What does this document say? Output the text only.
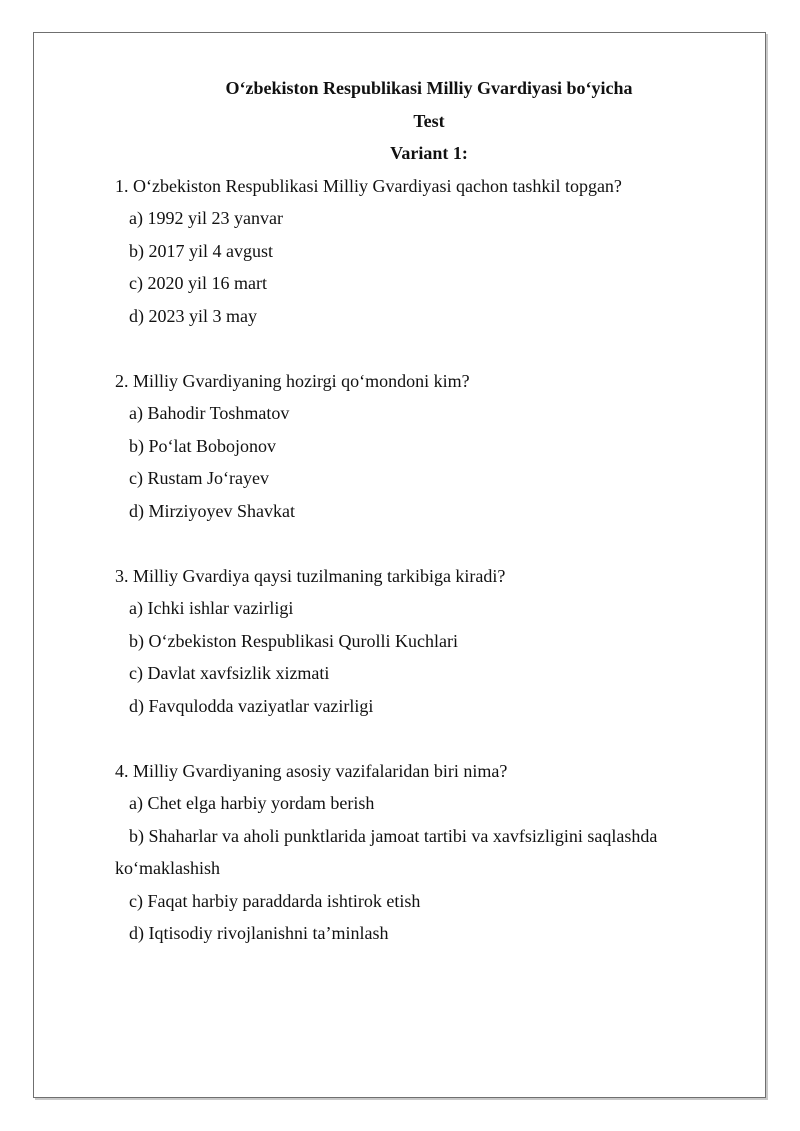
O‘zbekiston Respublikasi Milliy Gvardiyasi bo‘yicha
Test
Variant 1:
1. O‘zbekiston Respublikasi Milliy Gvardiyasi qachon tashkil topgan?
a) 1992 yil 23 yanvar
b) 2017 yil 4 avgust
c) 2020 yil 16 mart
d) 2023 yil 3 may
2. Milliy Gvardiyaning hozirgi qo‘mondoni kim?
a) Bahodir Toshmatov
b) Po‘lat Bobojonov
c) Rustam Jo‘rayev
d) Mirziyoyev Shavkat
3. Milliy Gvardiya qaysi tuzilmaning tarkibiga kiradi?
a) Ichki ishlar vazirligi
b) O‘zbekiston Respublikasi Qurolli Kuchlari
c) Davlat xavfsizlik xizmati
d) Favqulodda vaziyatlar vazirligi
4. Milliy Gvardiyaning asosiy vazifalaridan biri nima?
a) Chet elga harbiy yordam berish
b) Shaharlar va aholi punktlarida jamoat tartibi va xavfsizligini saqlashda
ko‘maklashish
c) Faqat harbiy paraddarda ishtirok etish
d) Iqtisodiy rivojlanishni ta’minlash
